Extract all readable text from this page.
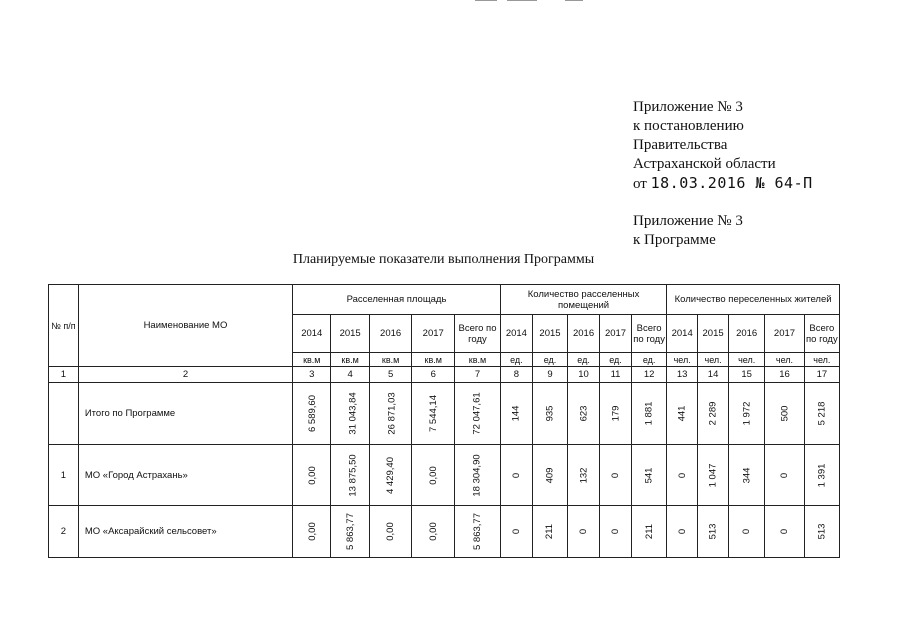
Приложение № 3
к постановлению
Правительства
Астраханской области
от 18.03.2016 № 64-П
Приложение № 3
к Программе
Планируемые показатели выполнения Программы
№ п/п	Наименование МО	Расселенная площадь					Количество расселенных помещений					Количество переселенных жителей				
		2014	2015	2016	2017	Всего по году	2014	2015	2016	2017	Всего по году	2014	2015	2016	2017	Всего по году
		кв.м	кв.м	кв.м	кв.м	кв.м	ед.	ед.	ед.	ед.	ед.	чел.	чел.	чел.	чел.	чел.
1	2	3	4	5	6	7	8	9	10	11	12	13	14	15	16	17
	Итого по Программе	6 589,60	31 043,84	26 871,03	7 544,14	72 047,61	144	935	623	179	1 881	441	2 289	1 972	500	5 218
1	МО «Город Астрахань»	0,00	13 875,50	4 429,40	0,00	18 304,90	0	409	132	0	541	0	1 047	344	0	1 391
2	МО «Аксарайский сельсовет»	0,00	5 863,77	0,00	0,00	5 863,77	0	211	0	0	211	0	513	0	0	513
